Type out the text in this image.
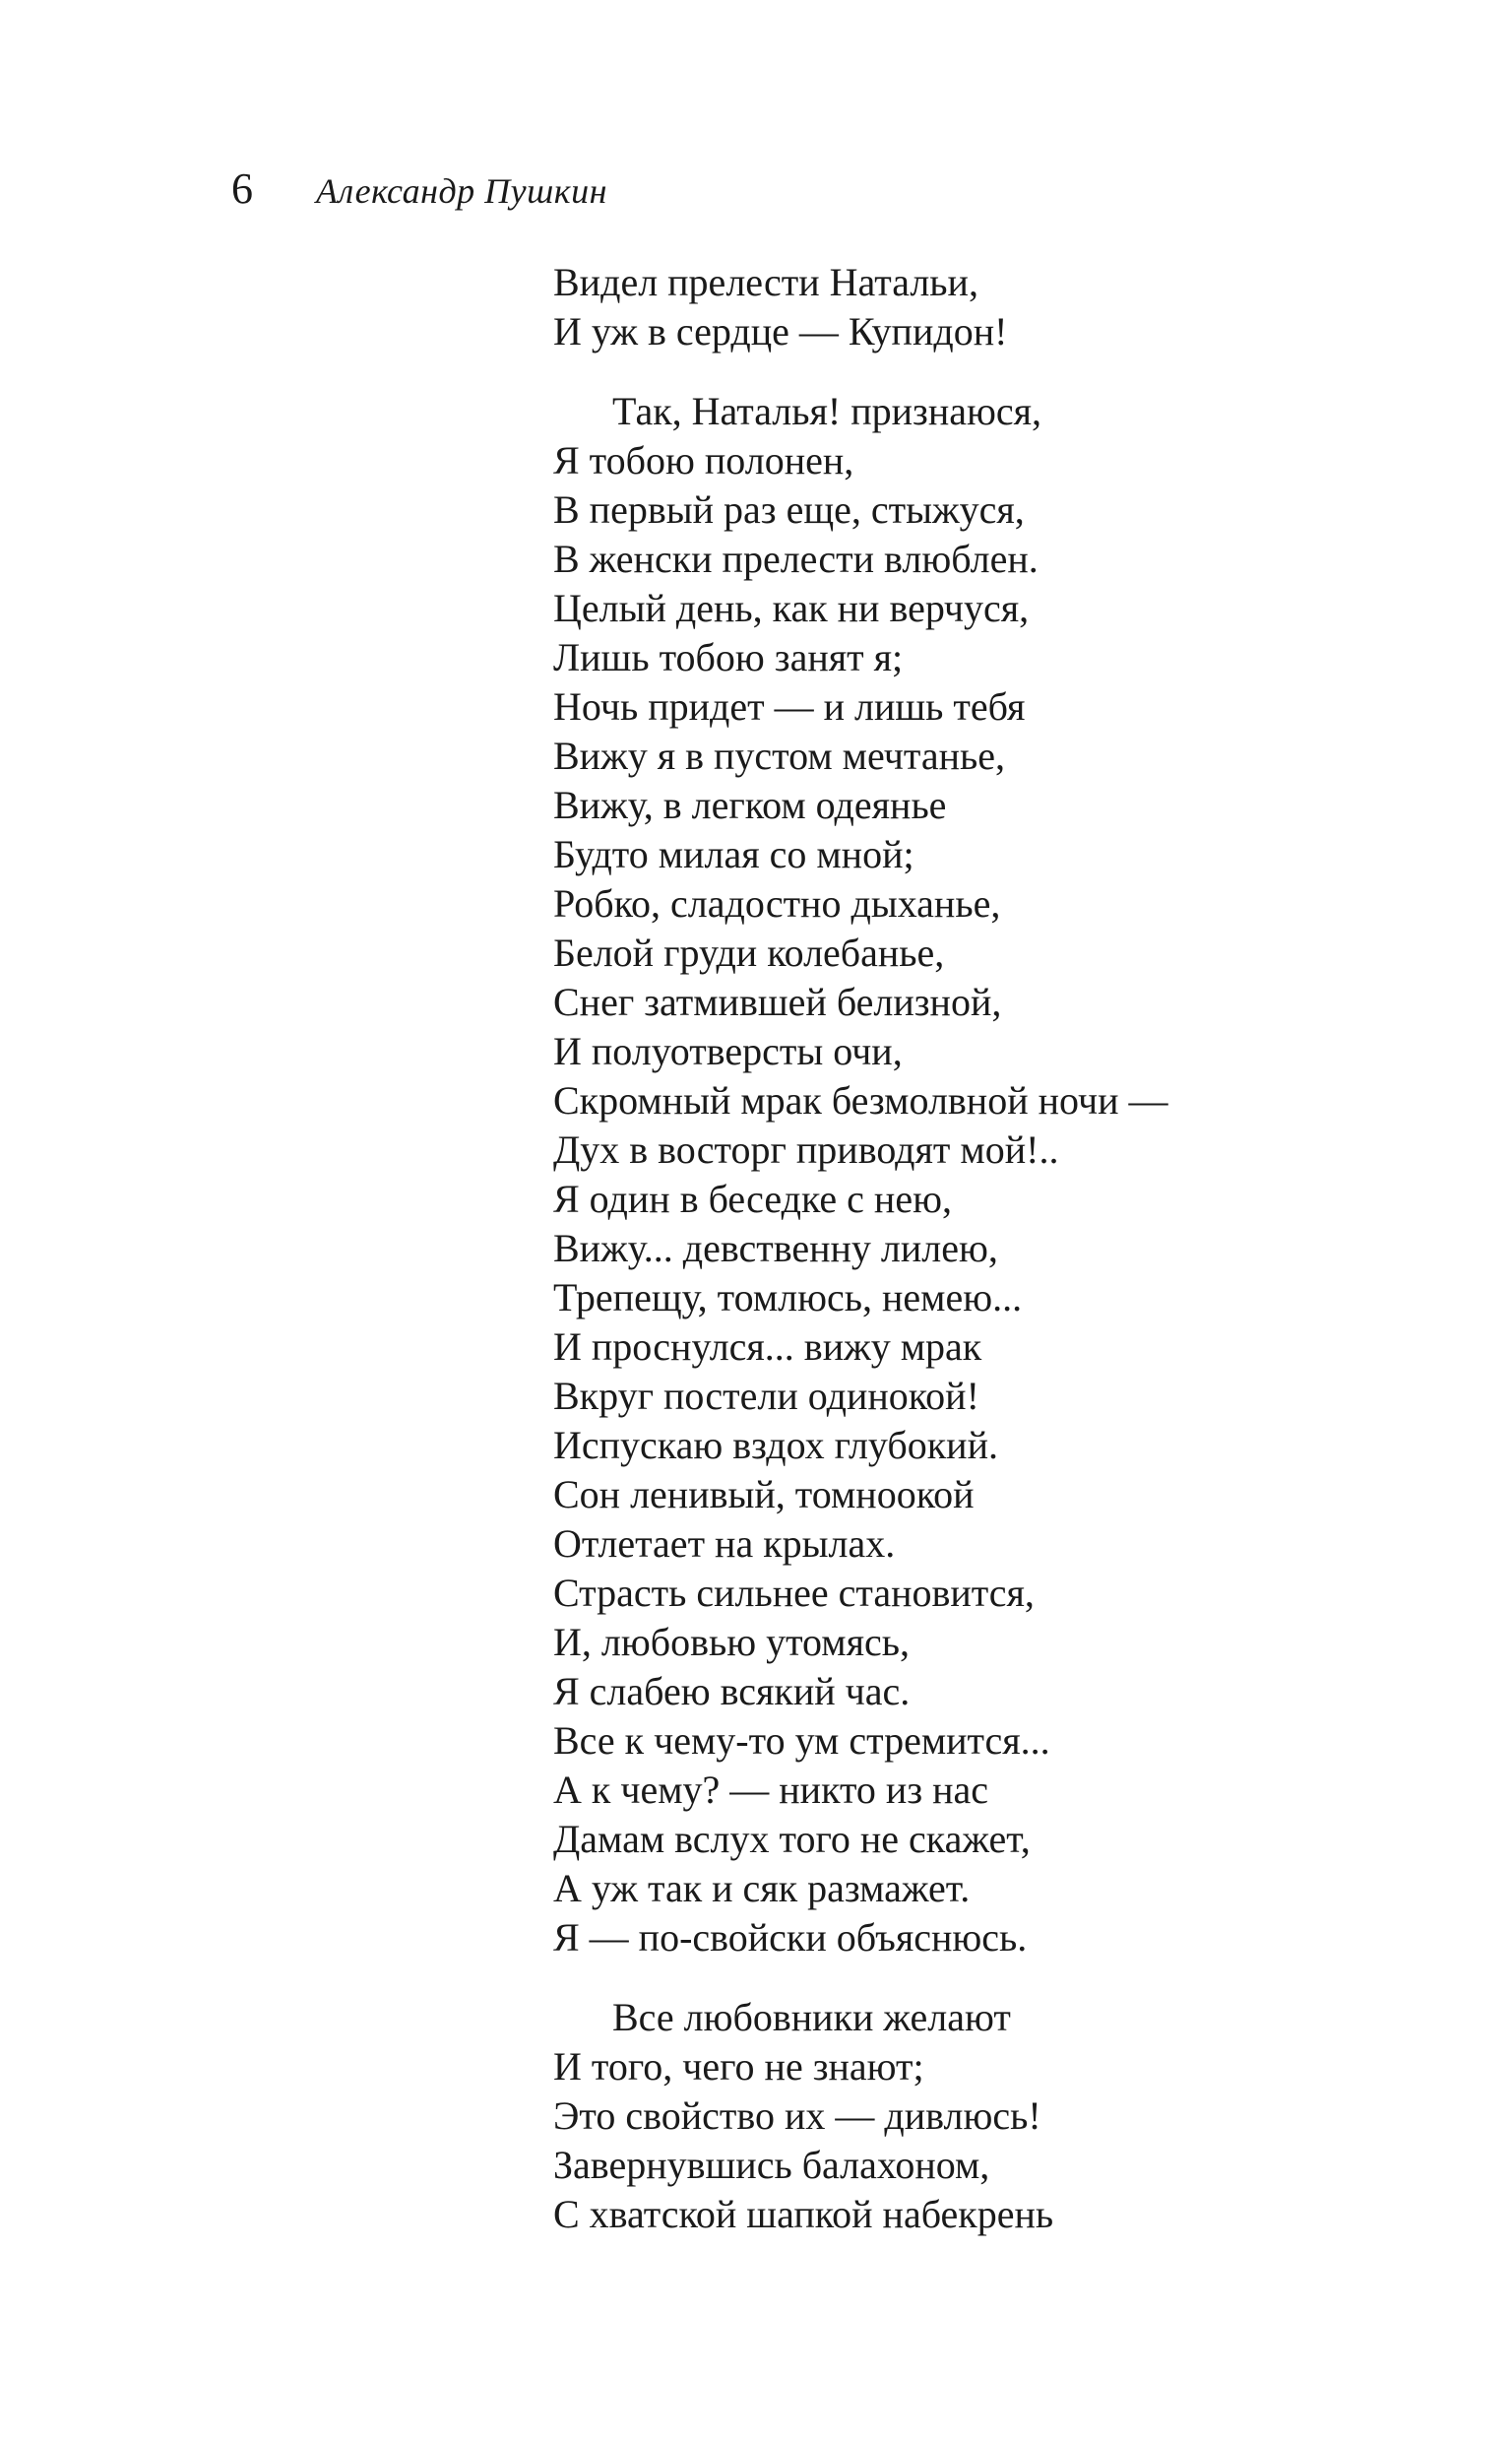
6	Александр Пушкин
Видел прелести Натальи,
И уж в сердце — Купидон!
Так, Наталья! признаюся,
Я тобою полонен,
В первый раз еще, стыжуся,
В женски прелести влюблен.
Целый день, как ни верчуся,
Лишь тобою занят я;
Ночь придет — и лишь тебя
Вижу я в пустом мечтанье,
Вижу, в легком одеянье
Будто милая со мной;
Робко, сладостно дыханье,
Белой груди колебанье,
Снег затмившей белизной,
И полуотверсты очи,
Скромный мрак безмолвной ночи —
Дух в восторг приводят мой!..
Я один в беседке с нею,
Вижу... девственну лилею,
Трепещу, томлюсь, немею...
И проснулся... вижу мрак
Вкруг постели одинокой!
Испускаю вздох глубокий.
Сон ленивый, томноокой
Отлетает на крылах.
Страсть сильнее становится,
И, любовью утомясь,
Я слабею всякий час.
Все к чему-то ум стремится...
А к чему? — никто из нас
Дамам вслух того не скажет,
А уж так и сяк размажет.
Я — по-свойски объяснюсь.
Все любовники желают
И того, чего не знают;
Это свойство их — дивлюсь!
Завернувшись балахоном,
С хватской шапкой набекрень
